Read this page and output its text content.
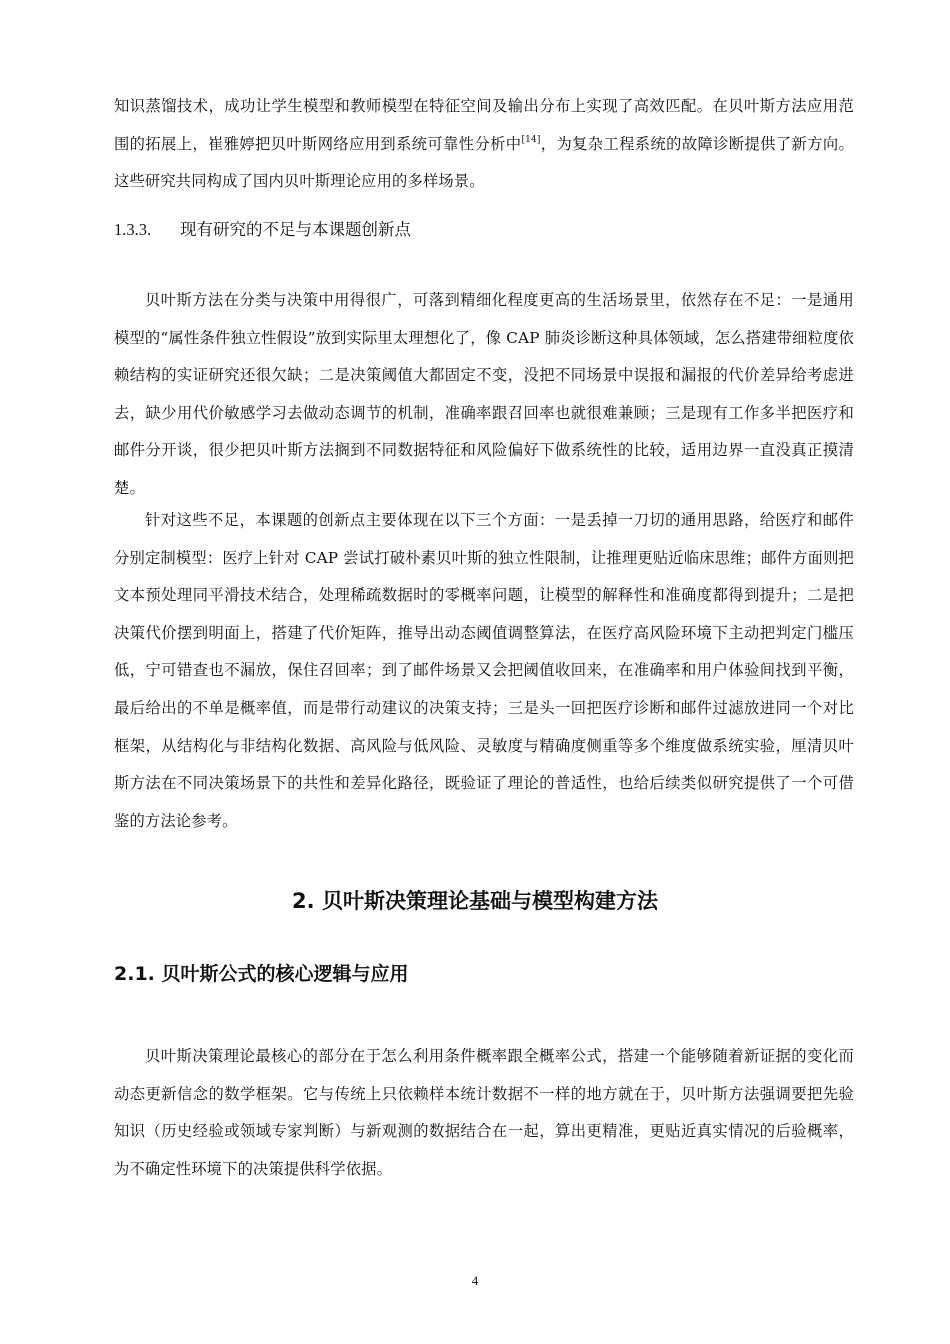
知识蒸馏技术，成功让学生模型和教师模型在特征空间及输出分布上实现了高效匹配。在贝叶斯方法应用范围的拓展上，崔雅婷把贝叶斯网络应用到系统可靠性分析中[14]，为复杂工程系统的故障诊断提供了新方向。这些研究共同构成了国内贝叶斯理论应用的多样场景。

1.3.3. 现有研究的不足与本课题创新点

贝叶斯方法在分类与决策中用得很广，可落到精细化程度更高的生活场景里，依然存在不足：一是通用模型的“属性条件独立性假设”放到实际里太理想化了，像 CAP 肺炎诊断这种具体领域，怎么搭建带细粒度依赖结构的实证研究还很欠缺；二是决策阈值大都固定不变，没把不同场景中误报和漏报的代价差异给考虑进去，缺少用代价敏感学习去做动态调节的机制，准确率跟召回率也就很难兼顾；三是现有工作多半把医疗和邮件分开谈，很少把贝叶斯方法搁到不同数据特征和风险偏好下做系统性的比较，适用边界一直没真正摸清楚。

针对这些不足，本课题的创新点主要体现在以下三个方面：一是丢掉一刀切的通用思路，给医疗和邮件分别定制模型：医疗上针对 CAP 尝试打破朴素贝叶斯的独立性限制，让推理更贴近临床思维；邮件方面则把文本预处理同平滑技术结合，处理稀疏数据时的零概率问题，让模型的解释性和准确度都得到提升；二是把决策代价摆到明面上，搭建了代价矩阵，推导出动态阈值调整算法，在医疗高风险环境下主动把判定门槛压低，宁可错查也不漏放，保住召回率；到了邮件场景又会把阈值收回来，在准确率和用户体验间找到平衡，最后给出的不单是概率值，而是带行动建议的决策支持；三是头一回把医疗诊断和邮件过滤放进同一个对比框架，从结构化与非结构化数据、高风险与低风险、灵敏度与精确度侧重等多个维度做系统实验，厘清贝叶斯方法在不同决策场景下的共性和差异化路径，既验证了理论的普适性，也给后续类似研究提供了一个可借鉴的方法论参考。

2. 贝叶斯决策理论基础与模型构建方法
2.1. 贝叶斯公式的核心逻辑与应用

贝叶斯决策理论最核心的部分在于怎么利用条件概率跟全概率公式，搭建一个能够随着新证据的变化而动态更新信念的数学框架。它与传统上只依赖样本统计数据不一样的地方就在于，贝叶斯方法强调要把先验知识（历史经验或领域专家判断）与新观测的数据结合在一起，算出更精准，更贴近真实情况的后验概率，为不确定性环境下的决策提供科学依据。

4
